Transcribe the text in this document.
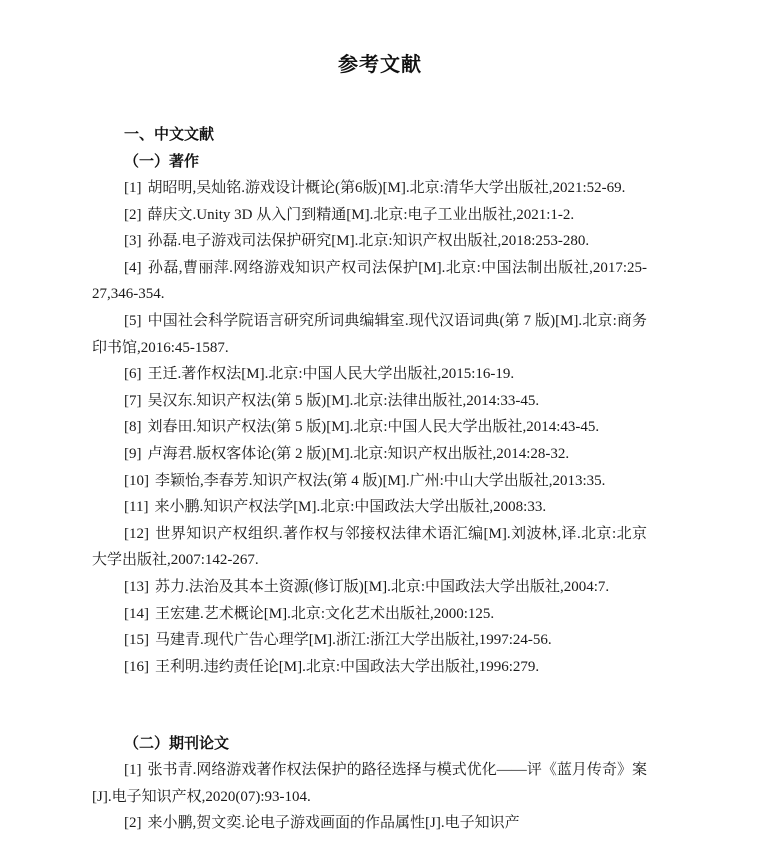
参考文献
一、中文文献
（一）著作
[1] 胡昭明,吴灿铭.游戏设计概论(第6版)[M].北京:清华大学出版社,2021:52-69.
[2] 薛庆文.Unity 3D 从入门到精通[M].北京:电子工业出版社,2021:1-2.
[3] 孙磊.电子游戏司法保护研究[M].北京:知识产权出版社,2018:253-280.
[4] 孙磊,曹丽萍.网络游戏知识产权司法保护[M].北京:中国法制出版社,2017:25-27,346-354.
[5] 中国社会科学院语言研究所词典编辑室.现代汉语词典(第 7 版)[M].北京:商务印书馆,2016:45-1587.
[6] 王迁.著作权法[M].北京:中国人民大学出版社,2015:16-19.
[7] 吴汉东.知识产权法(第 5 版)[M].北京:法律出版社,2014:33-45.
[8] 刘春田.知识产权法(第 5 版)[M].北京:中国人民大学出版社,2014:43-45.
[9] 卢海君.版权客体论(第 2 版)[M].北京:知识产权出版社,2014:28-32.
[10] 李颖怡,李春芳.知识产权法(第 4 版)[M].广州:中山大学出版社,2013:35.
[11] 来小鹏.知识产权法学[M].北京:中国政法大学出版社,2008:33.
[12] 世界知识产权组织.著作权与邻接权法律术语汇编[M].刘波林,译.北京:北京大学出版社,2007:142-267.
[13] 苏力.法治及其本土资源(修订版)[M].北京:中国政法大学出版社,2004:7.
[14] 王宏建.艺术概论[M].北京:文化艺术出版社,2000:125.
[15] 马建青.现代广告心理学[M].浙江:浙江大学出版社,1997:24-56.
[16] 王利明.违约责任论[M].北京:中国政法大学出版社,1996:279.
（二）期刊论文
[1] 张书青.网络游戏著作权法保护的路径选择与模式优化——评《蓝月传奇》案[J].电子知识产权,2020(07):93-104.
[2] 来小鹏,贺文奕.论电子游戏画面的作品属性[J].电子知识产
